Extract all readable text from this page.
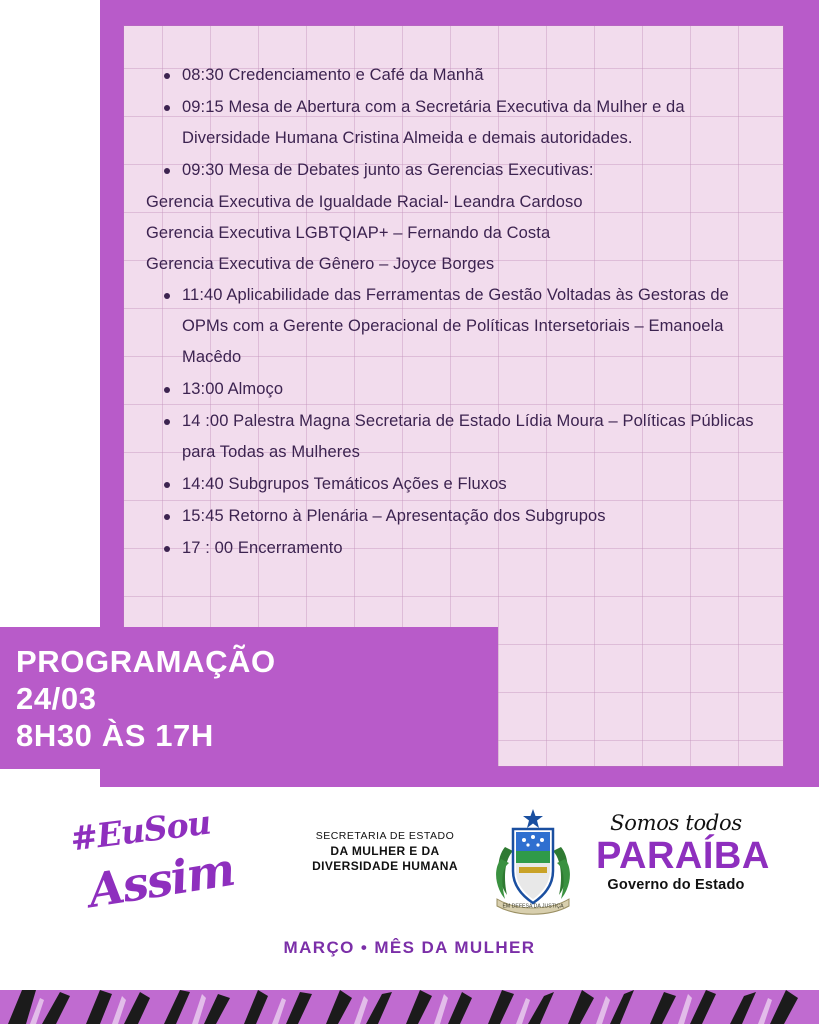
08:30 Credenciamento e Café da Manhã
09:15 Mesa de Abertura com a Secretária Executiva da Mulher e da Diversidade Humana Cristina Almeida e demais autoridades.
09:30 Mesa de Debates junto as Gerencias Executivas:
Gerencia Executiva de Igualdade Racial- Leandra Cardoso
Gerencia Executiva LGBTQIAP+ – Fernando da Costa
Gerencia Executiva de Gênero – Joyce Borges
11:40 Aplicabilidade das Ferramentas de Gestão Voltadas às Gestoras de OPMs com a Gerente Operacional de Políticas Intersetoriais – Emanoela Macêdo
13:00 Almoço
14 :00 Palestra Magna Secretaria de Estado Lídia Moura – Políticas Públicas para Todas as Mulheres
14:40 Subgrupos Temáticos Ações e Fluxos
15:45 Retorno à Plenária – Apresentação dos Subgrupos
17 : 00 Encerramento
PROGRAMAÇÃO
24/03
8H30 ÀS 17H
#EuSou
Assim
SECRETARIA DE ESTADO
DA MULHER E DA
DIVERSIDADE HUMANA
EM DEFESA DA JUSTIÇA
Somos todos
PARAÍBA
Governo do Estado
MARÇO • MÊS DA MULHER
